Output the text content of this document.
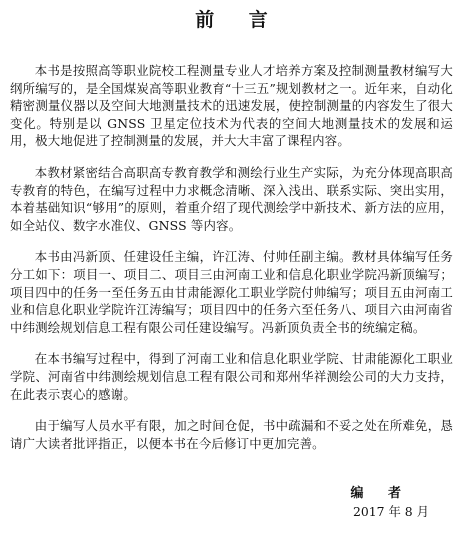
前 言

本书是按照高等职业院校工程测量专业人才培养方案及控制测量教材编写大纲所编写的，是全国煤炭高等职业教育“十三五”规划教材之一。近年来，自动化精密测量仪器以及空间大地测量技术的迅速发展，使控制测量的内容发生了很大变化。特别是以 GNSS 卫星定位技术为代表的空间大地测量技术的发展和运用，极大地促进了控制测量的发展，并大大丰富了课程内容。

本教材紧密结合高职高专教育教学和测绘行业生产实际，为充分体现高职高专教育的特色，在编写过程中力求概念清晰、深入浅出、联系实际、突出实用，本着基础知识“够用”的原则，着重介绍了现代测绘学中新技术、新方法的应用，如全站仪、数字水准仪、GNSS 等内容。

本书由冯新顶、任建设任主编，许江涛、付帅任副主编。教材具体编写任务分工如下：项目一、项目二、项目三由河南工业和信息化职业学院冯新顶编写；项目四中的任务一至任务五由甘肃能源化工职业学院付帅编写；项目五由河南工业和信息化职业学院许江涛编写；项目四中的任务六至任务八、项目六由河南省中纬测绘规划信息工程有限公司任建设编写。冯新顶负责全书的统编定稿。

在本书编写过程中，得到了河南工业和信息化职业学院、甘肃能源化工职业学院、河南省中纬测绘规划信息工程有限公司和郑州华祥测绘公司的大力支持，在此表示衷心的感谢。

由于编写人员水平有限，加之时间仓促，书中疏漏和不妥之处在所难免，恳请广大读者批评指正，以便本书在今后修订中更加完善。

编 者
2017 年 8 月
